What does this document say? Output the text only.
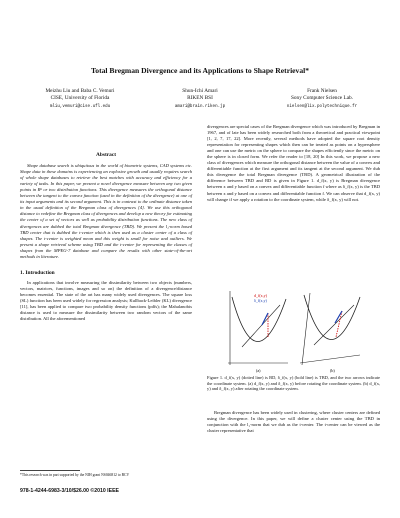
Total Bregman Divergence and its Applications to Shape Retrieval*
Meizhu Liu and Baba C. Vemuri
CISE, University of Florida
mliu,vemuri@cise.ufl.edu
Shun-Ichi Amari
RIKEN BSI
amari@brain.riken.jp
Frank Nielsen
Sony Computer Science Lab.
nielsen@lix.polytechnique.fr
Abstract

Shape database search is ubiquitous in the world of biometric systems, CAD systems etc. Shape data in these domains is experiencing an explosive growth and usually requires search of whole shape databases to retrieve the best matches with accuracy and efficiency for a variety of tasks. In this paper, we present a novel divergence measure between any two given points in Rⁿ or two distribution functions. This divergence measures the orthogonal distance between the tangent to the convex function (used in the definition of the divergence) at one of its input arguments and its second argument. This is in contrast to the ordinate distance taken in the usual definition of the Bregman class of divergences [4]. We use this orthogonal distance to redefine the Bregman class of divergences and develop a new theory for estimating the center of a set of vectors as well as probability distribution functions. The new class of divergences are dubbed the total Bregman divergence (TBD). We present the l₁-norm based TBD center that is dubbed the t-center which is then used as a cluster center of a class of shapes. The t-center is weighted mean and this weight is small for noise and outliers. We present a shape retrieval scheme using TBD and the t-center for representing the classes of shapes from the MPEG-7 database and compare the results with other state-of-the-art methods in literature.

1. Introduction

In applications that involve measuring the dissimilarity between two objects (numbers, vectors, matrices, functions, images and so on) the definition of a divergence/distance becomes essential. The state of the art has many widely used divergences. The square loss (SL) function has been used widely for regression analysis; Kullback-Leibler (KL) divergence [11], has been applied to compare two probability density functions (pdfs); the Mahalanobis distance is used to measure the dissimilarity between two random vectors of the same distribution. All the aforementioned

divergences are special cases of the Bregman divergence which was introduced by Bregman in 1967, and of late has been widely researched both from a theoretical and practical viewpoint [1, 2, 7, 17, 22]. More recently, several methods have adopted the square root density representation for representing shapes which then can be treated as points on a hypersphere and one can use the metric on the sphere to compare the shapes efficiently since the metric on the sphere is in closed form. We refer the reader to [18, 20] In this work, we propose a new class of divergences which measure the orthogonal distance between the value of a convex and differentiable function at the first argument and its tangent at the second argument. We dub this divergence the total Bregman divergence (TBD). A geometrical illustration of the difference between TBD and BD is given in Figure 1. d_f(x, y) is Bregman divergence between x and y based on a convex and differentiable function f where as δ_f(x, y) is the TBD between x and y based on a convex and differentiable function f. We can observe that d_f(x, y) will change if we apply a rotation to the coordinate system, while δ_f(x, y) will not.

d_f(x,y)
δ_f(x,y)
(a)	(b)
Figure 1. d_f(x, y) (dotted line) is BD, δ_f(x, y) (bold line) is TBD, and the two arrows indicate the coordinate system. (a) d_f(x, y) and δ_f(x, y) before rotating the coordinate system. (b) d_f(x, y) and δ_f(x, y) after rotating the coordinate system.

Bregman divergence has been widely used in clustering, where cluster centers are defined using the divergence. In this paper, we will define a cluster center using the TBD in conjunction with the l₁-norm that we dub as the t-center. The t-center can be viewed as the cluster representative that

*This research was in part supported by the NIH grant NS046812 to BCV
978-1-4244-6983-3/10/$26.00 ©2010 IEEE
